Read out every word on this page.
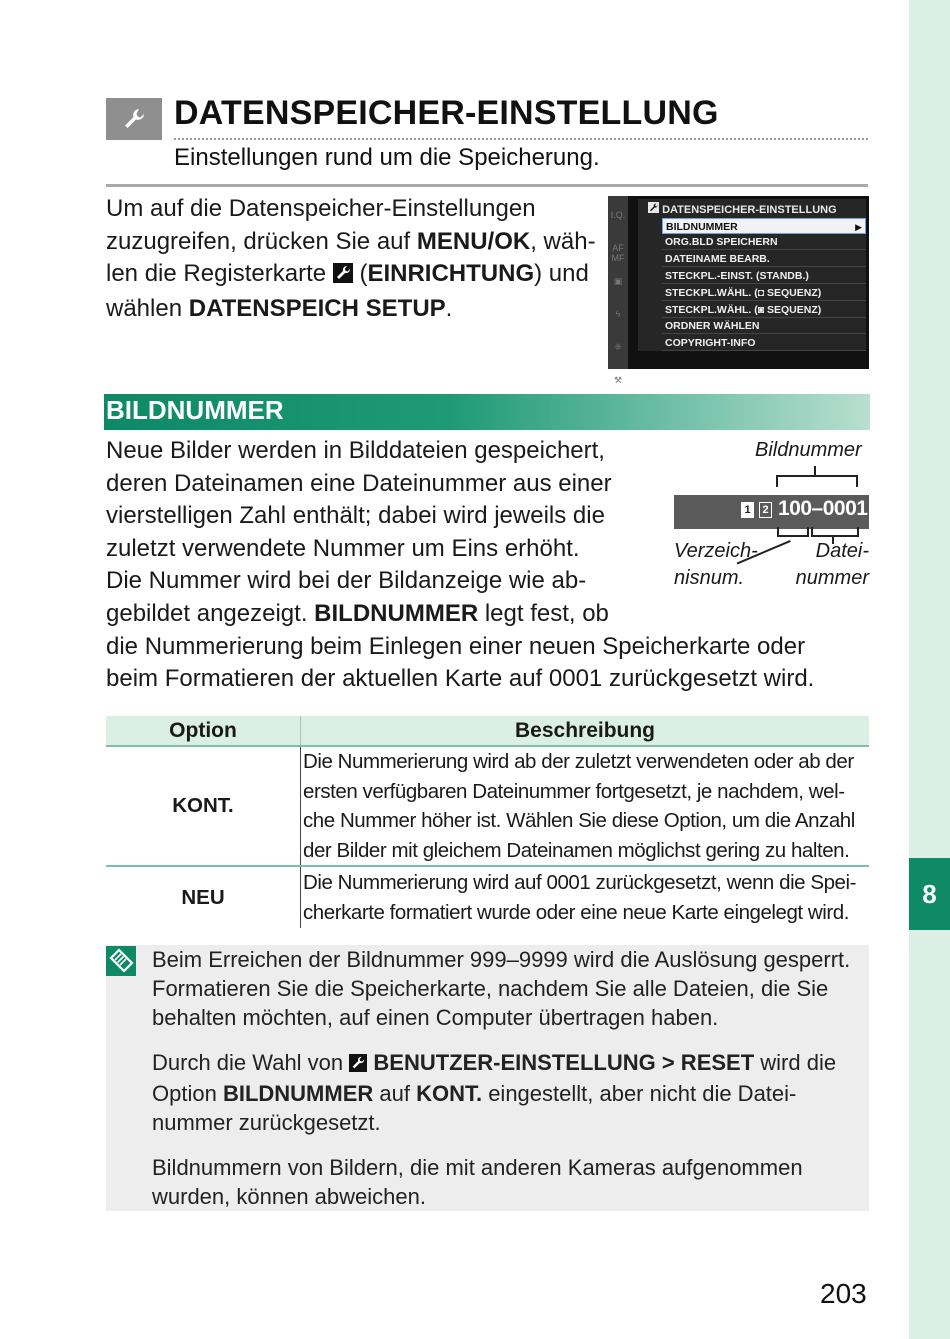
8
DATENSPEICHER-EINSTELLUNG
Einstellungen rund um die Speicherung.
Um auf die Datenspeicher-Einstellungen zuzugreifen, drücken Sie auf MENU/OK, wäh-len die Registerkarte  (EINRICHTUNG) und wählen DATENSPEICH SETUP.
I.Q.
AF MF
▣
ϟ
⁜
⚒
DATENSPEICHER-EINSTELLUNG
BILDNUMMER	▶
ORG.BLD SPEICHERN
DATEINAME BEARB.
STECKPL.-EINST. (STANDB.)
STECKPL.WÄHL. (◘ SEQUENZ)
STECKPL.WÄHL. (◙ SEQUENZ)
ORDNER WÄHLEN
COPYRIGHT-INFO
BILDNUMMER
Neue Bilder werden in Bilddateien gespeichert,
deren Dateinamen eine Dateinummer aus einer
vierstelligen Zahl enthält; dabei wird jeweils die
zuletzt verwendete Nummer um Eins erhöht.
Die Nummer wird bei der Bildanzeige wie ab-
gebildet angezeigt. BILDNUMMER legt fest, ob
die Nummerierung beim Einlegen einer neuen Speicherkarte oder
beim Formatieren der aktuellen Karte auf 0001 zurückgesetzt wird.
Bildnummer
1	2 100–0001
Verzeich-
nisnum.
Datei-
nummer
Option	Beschreibung
KONT.	Die Nummerierung wird ab der zuletzt verwendeten oder ab der ersten verfügbaren Dateinummer fortgesetzt, je nachdem, wel-che Nummer höher ist. Wählen Sie diese Option, um die Anzahl der Bilder mit gleichem Dateinamen möglichst gering zu halten.
NEU	Die Nummerierung wird auf 0001 zurückgesetzt, wenn die Spei-cherkarte formatiert wurde oder eine neue Karte eingelegt wird.

Beim Erreichen der Bildnummer 999–9999 wird die Auslösung gesperrt. Formatieren Sie die Speicherkarte, nachdem Sie alle Dateien, die Sie behalten möchten, auf einen Computer übertragen haben.

Durch die Wahl von  BENUTZER-EINSTELLUNG > RESET wird die Option BILDNUMMER auf KONT. eingestellt, aber nicht die Datei-nummer zurückgesetzt.

Bildnummern von Bildern, die mit anderen Kameras aufgenommen wurden, können abweichen.

203
